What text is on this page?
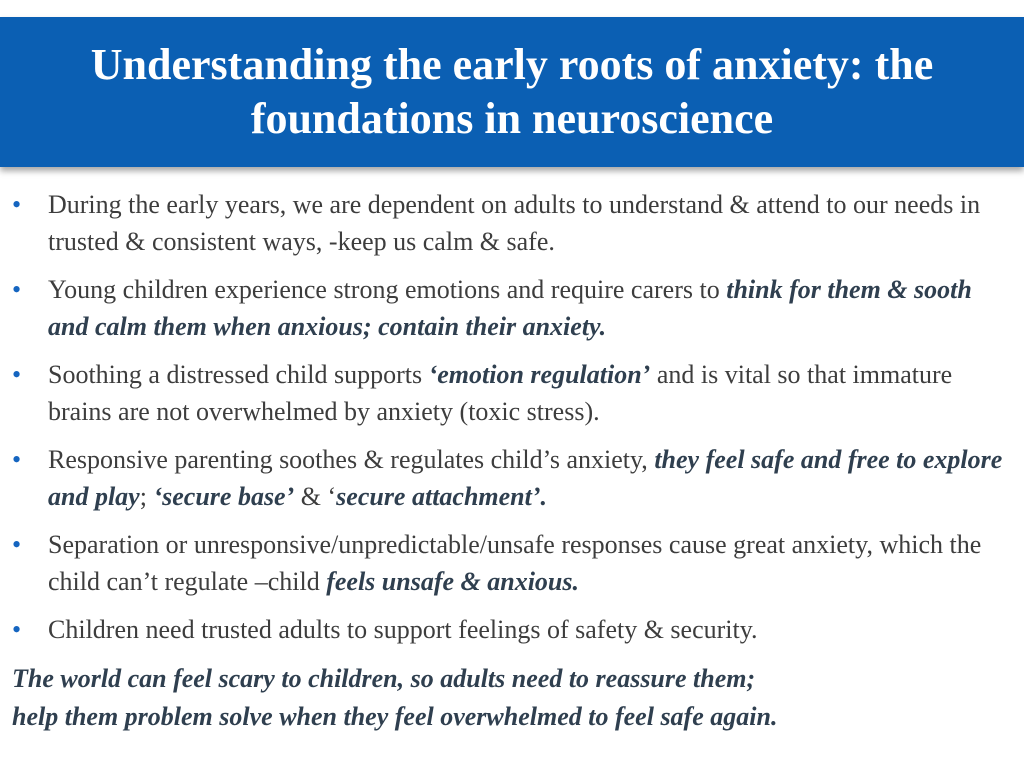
Understanding the early roots of anxiety: the
foundations in neuroscience
• During the early years, we are dependent on adults to understand & attend to our needs in trusted & consistent ways, -keep us calm & safe.
• Young children experience strong emotions and require carers to think for them & sooth and calm them when anxious; contain their anxiety.
• Soothing a distressed child supports ‘emotion regulation’ and is vital so that immature brains are not overwhelmed by anxiety (toxic stress).
• Responsive parenting soothes & regulates child’s anxiety, they feel safe and free to explore and play; ‘secure base’ & ‘secure attachment’.
• Separation or unresponsive/unpredictable/unsafe responses cause great anxiety, which the child can’t regulate –child feels unsafe & anxious.
• Children need trusted adults to support feelings of safety & security.

The world can feel scary to children, so adults need to reassure them;
help them problem solve when they feel overwhelmed to feel safe again.
